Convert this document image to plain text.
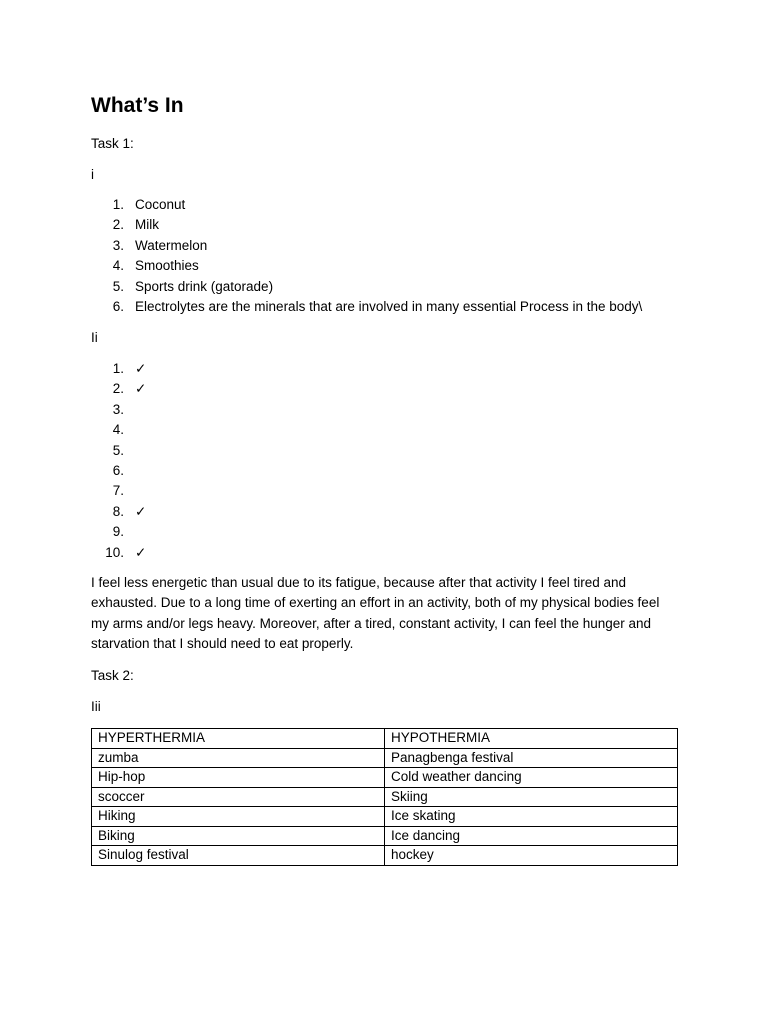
What’s In
Task 1:
i
1. Coconut
2. Milk
3. Watermelon
4. Smoothies
5. Sports drink (gatorade)
6. Electrolytes are the minerals that are involved in many essential Process in the body\
Ii
1. ✓
2. ✓
3.
4.
5.
6.
7.
8. ✓
9.
10. ✓
I feel less energetic than usual due to its fatigue, because after that activity I feel tired and exhausted. Due to a long time of exerting an effort in an activity, both of my physical bodies feel my arms and/or legs heavy. Moreover, after a tired, constant activity, I can feel the hunger and starvation that I should need to eat properly.
Task 2:
Iii
HYPERTHERMIA	HYPOTHERMIA
zumba	Panagbenga festival
Hip-hop	Cold weather dancing
scoccer	Skiing
Hiking	Ice skating
Biking	Ice dancing
Sinulog festival	hockey
